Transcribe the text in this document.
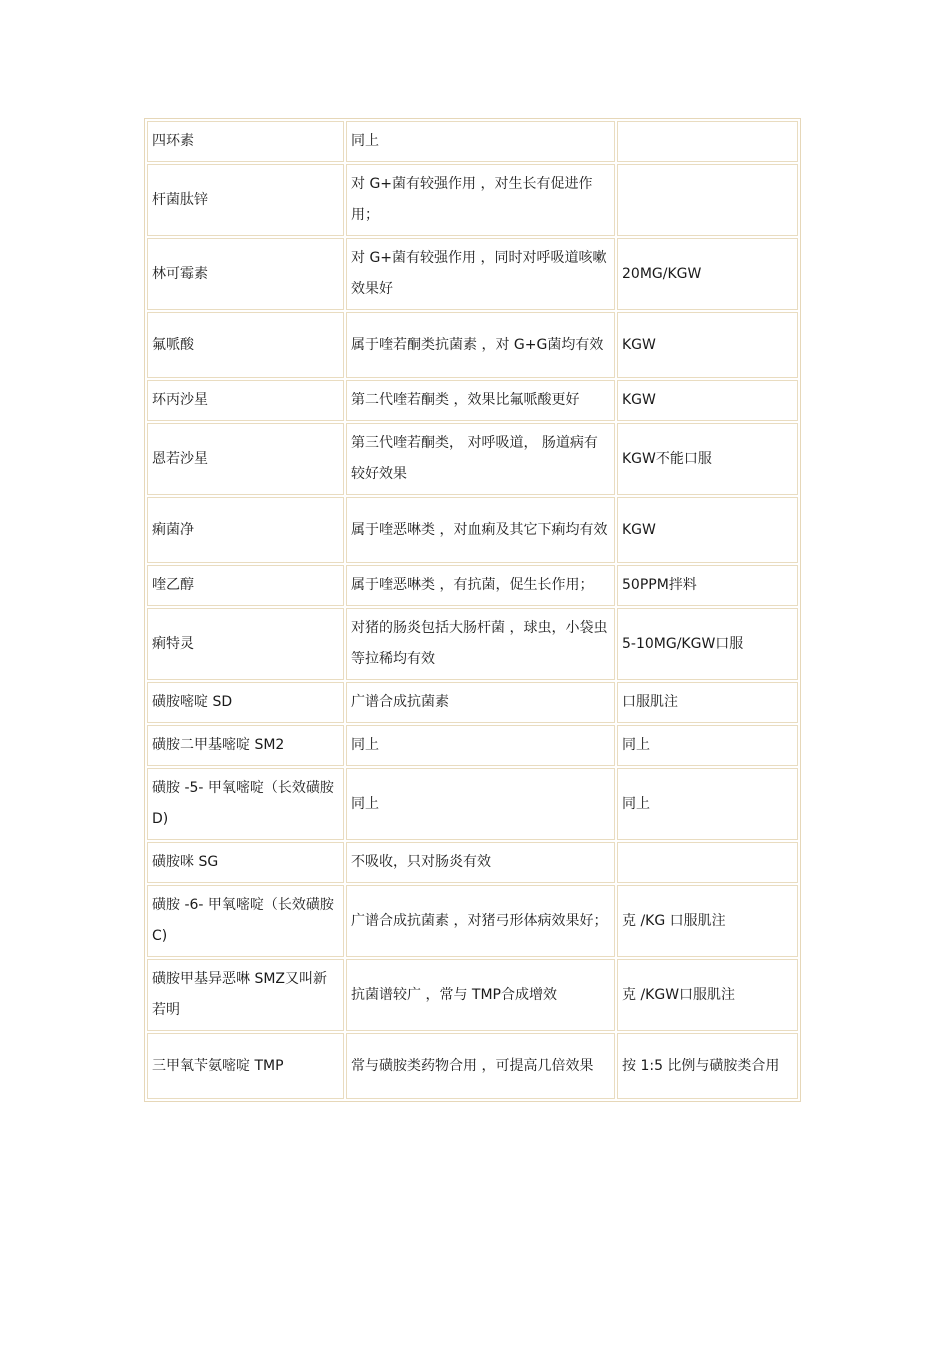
四环素	同上	
杆菌肽锌	对 G+菌有较强作用 ，对生长有促进作用；	
林可霉素	对 G+菌有较强作用 ，同时对呼吸道咳嗽效果好	20MG/KGW
氟哌酸	属于喹若酮类抗菌素 ，对 G+G菌均有效	KGW
环丙沙星	第二代喹若酮类 ，效果比氟哌酸更好	KGW
恩若沙星	第三代喹若酮类， 对呼吸道， 肠道病有较好效果	KGW不能口服
痢菌净	属于喹恶啉类 ，对血痢及其它下痢均有效	KGW
喹乙醇	属于喹恶啉类 ，有抗菌，促生长作用；	50PPM拌料
痢特灵	对猪的肠炎包括大肠杆菌 ，球虫，小袋虫等拉稀均有效	5-10MG/KGW口服
磺胺嘧啶 SD	广谱合成抗菌素	口服肌注
磺胺二甲基嘧啶 SM2	同上	同上
磺胺 -5- 甲氧嘧啶（长效磺胺 D)	同上	同上
磺胺咪 SG	不吸收，只对肠炎有效	
磺胺 -6- 甲氧嘧啶（长效磺胺 C)	广谱合成抗菌素 ，对猪弓形体病效果好；	克 /KG 口服肌注
磺胺甲基异恶啉 SMZ又叫新若明	抗菌谱较广 ，常与 TMP合成增效	克 /KGW口服肌注
三甲氧苄氨嘧啶 TMP	常与磺胺类药物合用 ，可提高几倍效果	按 1:5 比例与磺胺类合用
